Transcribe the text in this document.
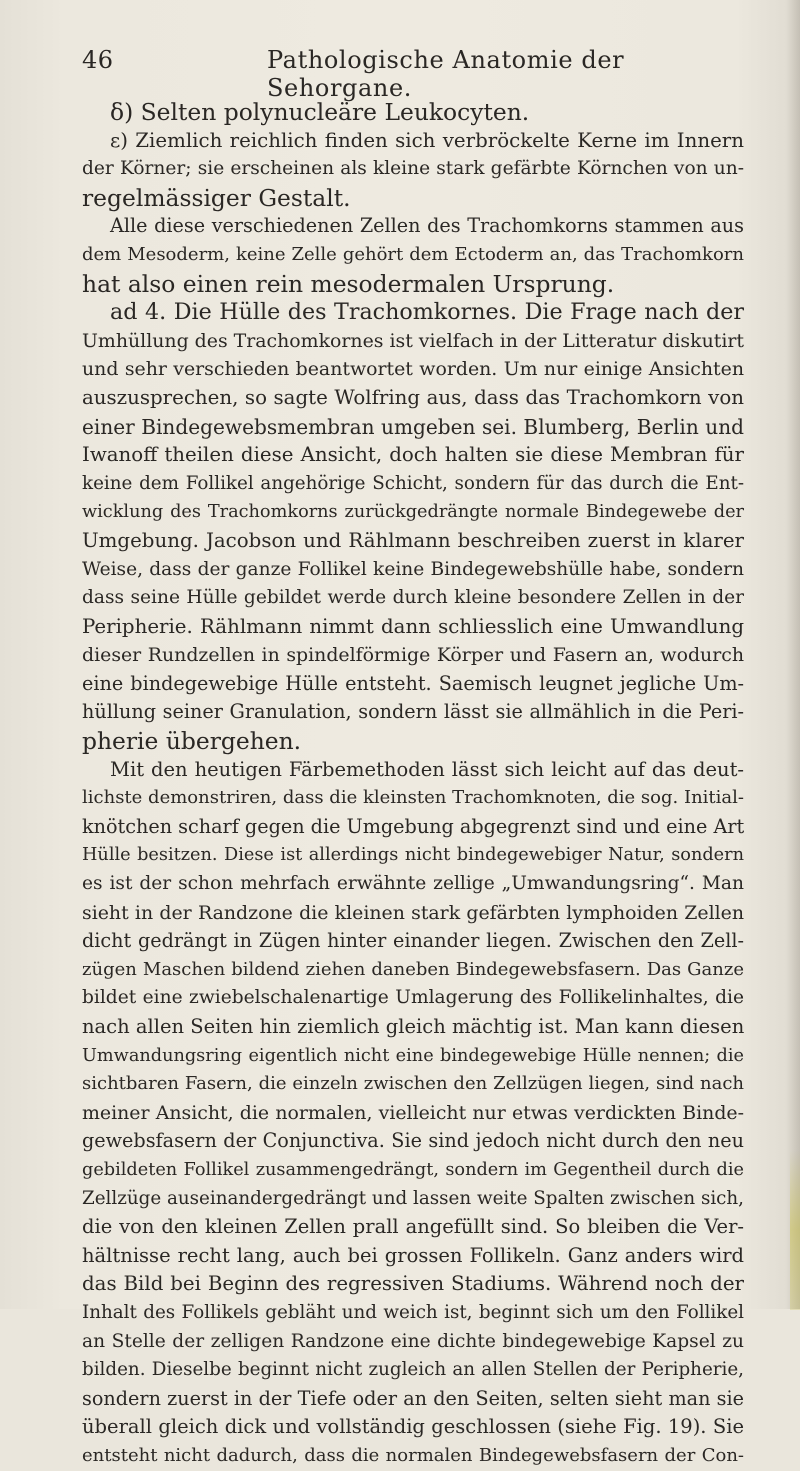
46	Pathologische Anatomie der Sehorgane.
δ) Selten polynucleäre Leukocyten.
ε) Ziemlich reichlich finden sich verbröckelte Kerne im Innern
der Körner; sie erscheinen als kleine stark gefärbte Körnchen von un-
regelmässiger Gestalt.
Alle diese verschiedenen Zellen des Trachomkorns stammen aus
dem Mesoderm, keine Zelle gehört dem Ectoderm an, das Trachomkorn
hat also einen rein mesodermalen Ursprung.
ad 4. Die Hülle des Trachomkornes. Die Frage nach der
Umhüllung des Trachomkornes ist vielfach in der Litteratur diskutirt
und sehr verschieden beantwortet worden. Um nur einige Ansichten
auszusprechen, so sagte Wolfring aus, dass das Trachomkorn von
einer Bindegewebsmembran umgeben sei. Blumberg, Berlin und
Iwanoff theilen diese Ansicht, doch halten sie diese Membran für
keine dem Follikel angehörige Schicht, sondern für das durch die Ent-
wicklung des Trachomkorns zurückgedrängte normale Bindegewebe der
Umgebung. Jacobson und Rählmann beschreiben zuerst in klarer
Weise, dass der ganze Follikel keine Bindegewebshülle habe, sondern
dass seine Hülle gebildet werde durch kleine besondere Zellen in der
Peripherie. Rählmann nimmt dann schliesslich eine Umwandlung
dieser Rundzellen in spindelförmige Körper und Fasern an, wodurch
eine bindegewebige Hülle entsteht. Saemisch leugnet jegliche Um-
hüllung seiner Granulation, sondern lässt sie allmählich in die Peri-
pherie übergehen.
Mit den heutigen Färbemethoden lässt sich leicht auf das deut-
lichste demonstriren, dass die kleinsten Trachomknoten, die sog. Initial-
knötchen scharf gegen die Umgebung abgegrenzt sind und eine Art
Hülle besitzen. Diese ist allerdings nicht bindegewebiger Natur, sondern
es ist der schon mehrfach erwähnte zellige „Umwandungsring“. Man
sieht in der Randzone die kleinen stark gefärbten lymphoiden Zellen
dicht gedrängt in Zügen hinter einander liegen. Zwischen den Zell-
zügen Maschen bildend ziehen daneben Bindegewebsfasern. Das Ganze
bildet eine zwiebelschalenartige Umlagerung des Follikelinhaltes, die
nach allen Seiten hin ziemlich gleich mächtig ist. Man kann diesen
Umwandungsring eigentlich nicht eine bindegewebige Hülle nennen; die
sichtbaren Fasern, die einzeln zwischen den Zellzügen liegen, sind nach
meiner Ansicht, die normalen, vielleicht nur etwas verdickten Binde-
gewebsfasern der Conjunctiva. Sie sind jedoch nicht durch den neu
gebildeten Follikel zusammengedrängt, sondern im Gegentheil durch die
Zellzüge auseinandergedrängt und lassen weite Spalten zwischen sich,
die von den kleinen Zellen prall angefüllt sind. So bleiben die Ver-
hältnisse recht lang, auch bei grossen Follikeln. Ganz anders wird
das Bild bei Beginn des regressiven Stadiums. Während noch der
Inhalt des Follikels gebläht und weich ist, beginnt sich um den Follikel
an Stelle der zelligen Randzone eine dichte bindegewebige Kapsel zu
bilden. Dieselbe beginnt nicht zugleich an allen Stellen der Peripherie,
sondern zuerst in der Tiefe oder an den Seiten, selten sieht man sie
überall gleich dick und vollständig geschlossen (siehe Fig. 19). Sie
entsteht nicht dadurch, dass die normalen Bindegewebsfasern der Con-
